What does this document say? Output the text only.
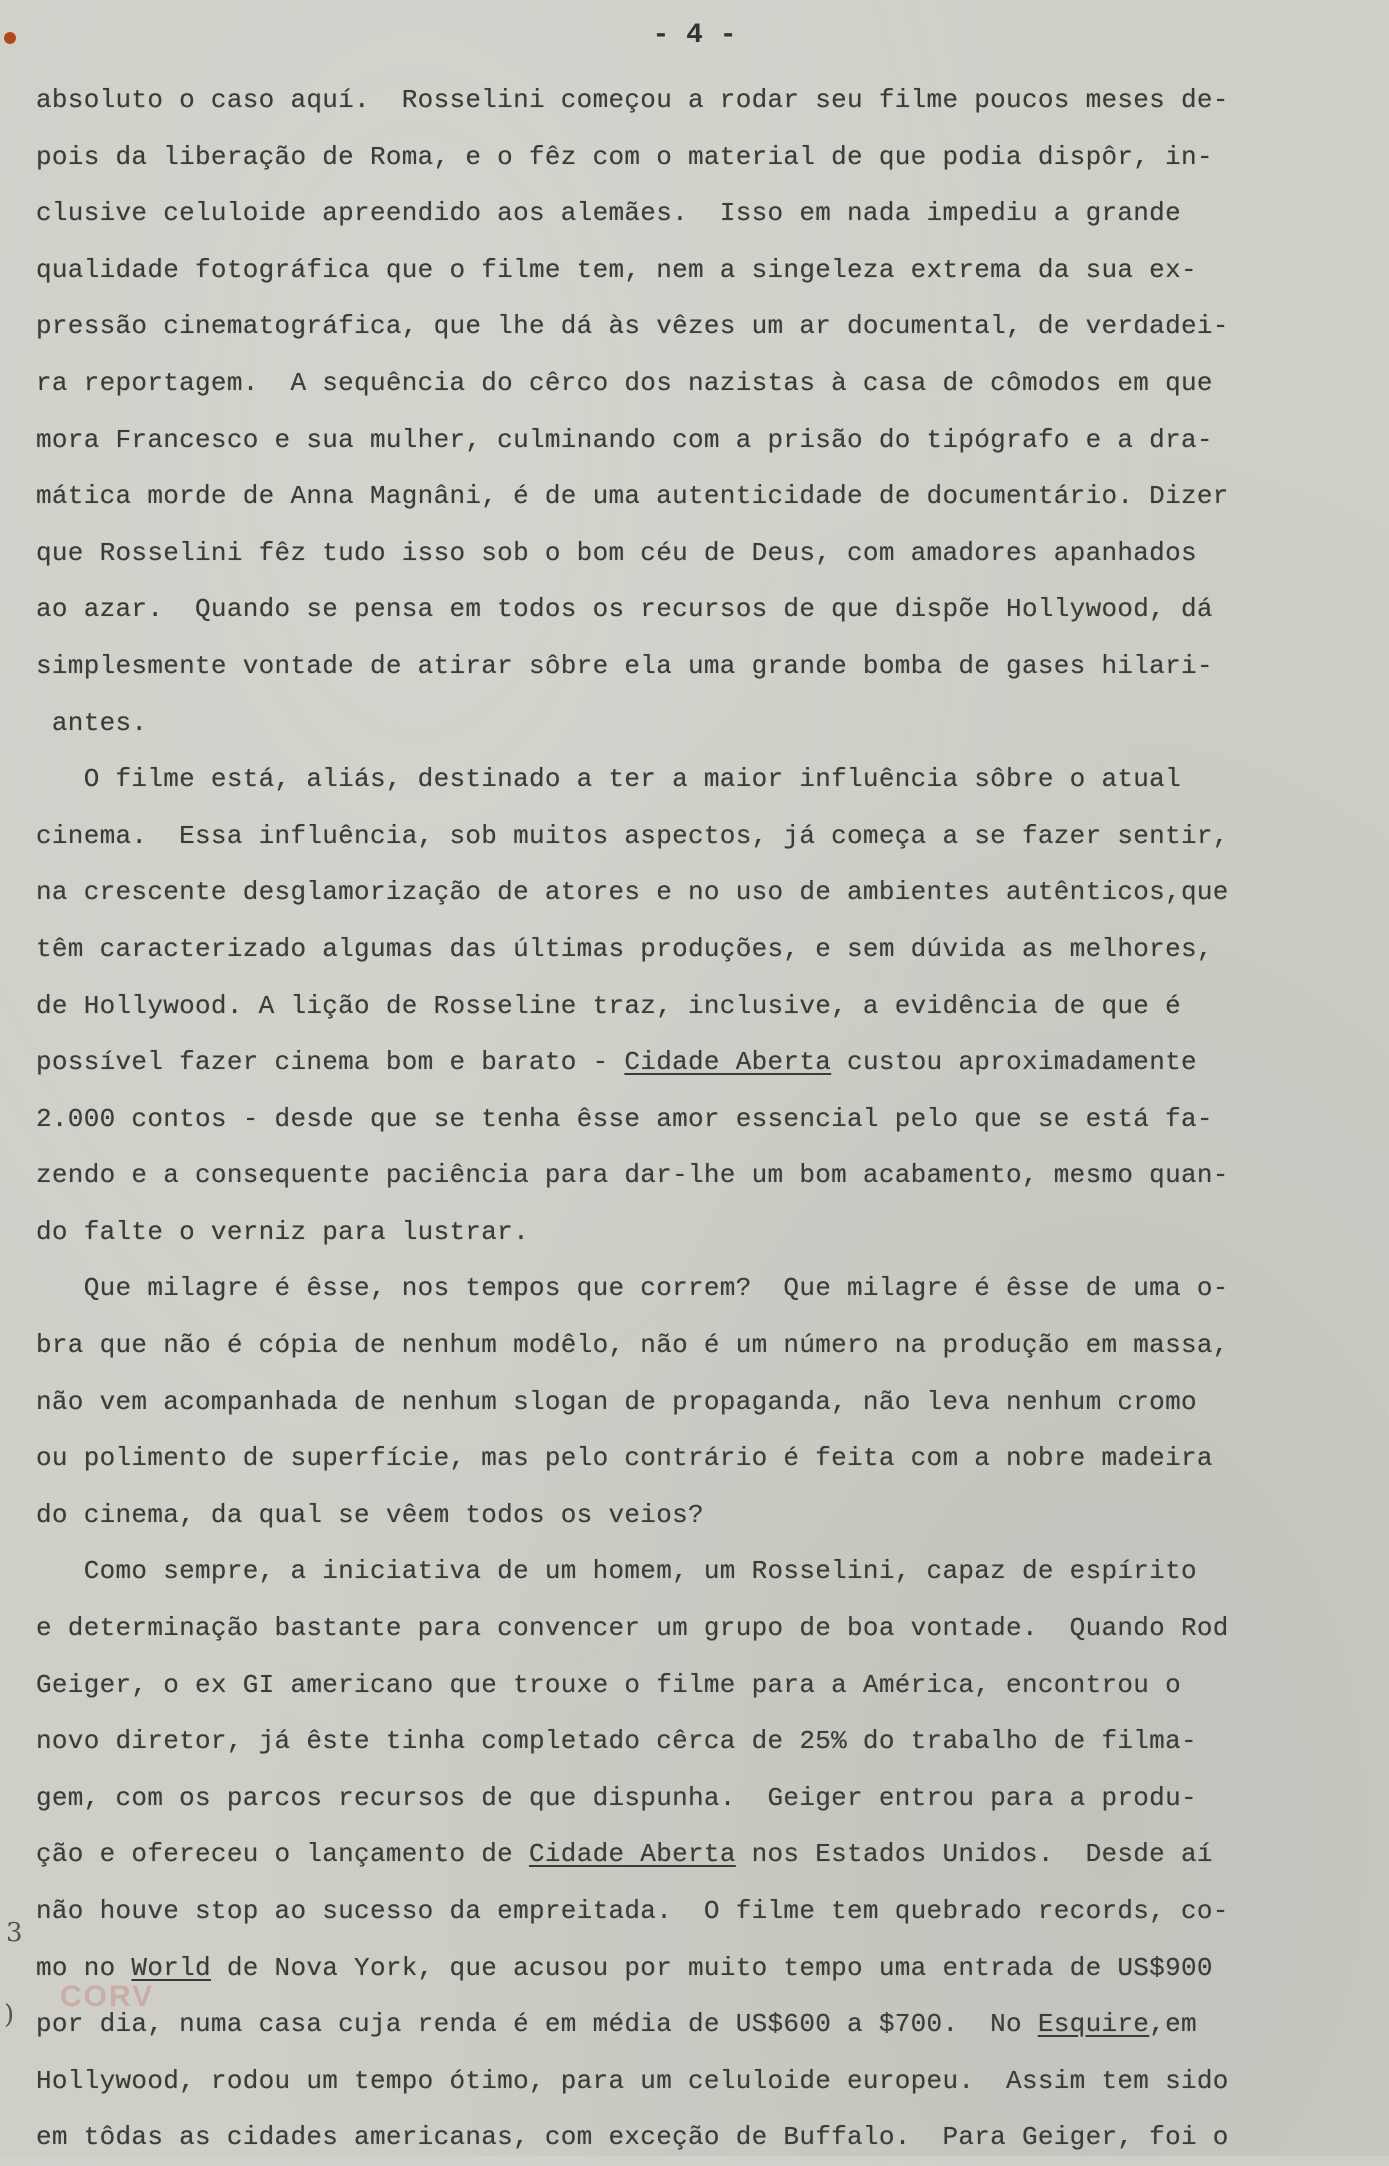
- 4 -
absoluto o caso aquí.  Rosselini começou a rodar seu filme poucos meses de-
pois da liberação de Roma, e o fêz com o material de que podia dispôr, in-
clusive celuloide apreendido aos alemães.  Isso em nada impediu a grande
qualidade fotográfica que o filme tem, nem a singeleza extrema da sua ex-
pressão cinematográfica, que lhe dá às vêzes um ar documental, de verdadei-
ra reportagem.  A sequência do cêrco dos nazistas à casa de cômodos em que
mora Francesco e sua mulher, culminando com a prisão do tipógrafo e a dra-
mática morde de Anna Magnâni, é de uma autenticidade de documentário. Dizer
que Rosselini fêz tudo isso sob o bom céu de Deus, com amadores apanhados
ao azar.  Quando se pensa em todos os recursos de que dispõe Hollywood, dá
simplesmente vontade de atirar sôbre ela uma grande bomba de gases hilari-
antes.
O filme está, aliás, destinado a ter a maior influência sôbre o atual
cinema.  Essa influência, sob muitos aspectos, já começa a se fazer sentir,
na crescente desglamorização de atores e no uso de ambientes autênticos,que
têm caracterizado algumas das últimas produções, e sem dúvida as melhores,
de Hollywood. A lição de Rosseline traz, inclusive, a evidência de que é
possível fazer cinema bom e barato - Cidade Aberta custou aproximadamente
2.000 contos - desde que se tenha êsse amor essencial pelo que se está fa-
zendo e a consequente paciência para dar-lhe um bom acabamento, mesmo quan-
do falte o verniz para lustrar.
Que milagre é êsse, nos tempos que correm?  Que milagre é êsse de uma o-
bra que não é cópia de nenhum modêlo, não é um número na produção em massa,
não vem acompanhada de nenhum slogan de propaganda, não leva nenhum cromo
ou polimento de superfície, mas pelo contrário é feita com a nobre madeira
do cinema, da qual se vêem todos os veios?
Como sempre, a iniciativa de um homem, um Rosselini, capaz de espírito
e determinação bastante para convencer um grupo de boa vontade.  Quando Rod
Geiger, o ex GI americano que trouxe o filme para a América, encontrou o
novo diretor, já êste tinha completado cêrca de 25% do trabalho de filma-
gem, com os parcos recursos de que dispunha.  Geiger entrou para a produ-
ção e ofereceu o lançamento de Cidade Aberta nos Estados Unidos.  Desde aí
não houve stop ao sucesso da empreitada.  O filme tem quebrado records, co-
mo no World de Nova York, que acusou por muito tempo uma entrada de US$900
por dia, numa casa cuja renda é em média de US$600 a $700.  No Esquire,em
Hollywood, rodou um tempo ótimo, para um celuloide europeu.  Assim tem sido
em tôdas as cidades americanas, com exceção de Buffalo.  Para Geiger, foi o
3
)
CORV
